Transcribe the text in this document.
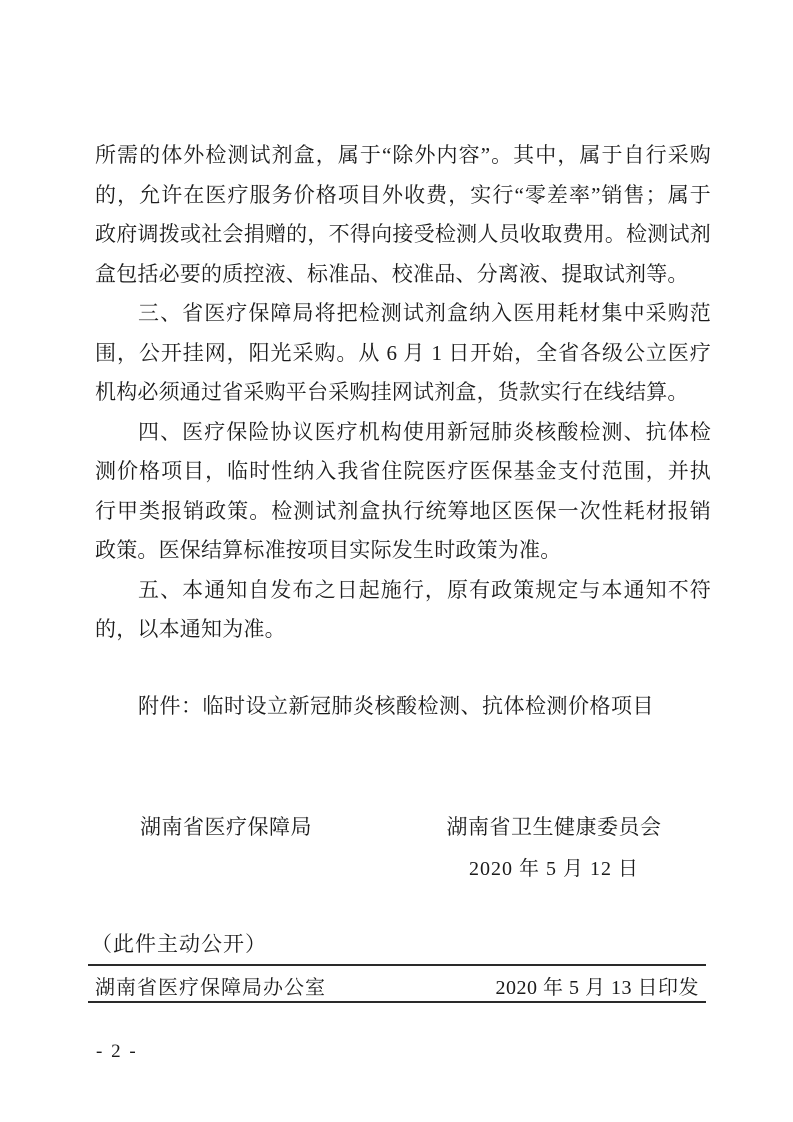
所需的体外检测试剂盒，属于“除外内容”。其中，属于自行采购
的，允许在医疗服务价格项目外收费，实行“零差率”销售；属于
政府调拨或社会捐赠的，不得向接受检测人员收取费用。检测试剂
盒包括必要的质控液、标准品、校准品、分离液、提取试剂等。
三、省医疗保障局将把检测试剂盒纳入医用耗材集中采购范
围，公开挂网，阳光采购。从 6 月 1 日开始，全省各级公立医疗
机构必须通过省采购平台采购挂网试剂盒，货款实行在线结算。
四、医疗保险协议医疗机构使用新冠肺炎核酸检测、抗体检
测价格项目，临时性纳入我省住院医疗医保基金支付范围，并执
行甲类报销政策。检测试剂盒执行统筹地区医保一次性耗材报销
政策。医保结算标准按项目实际发生时政策为准。
五、本通知自发布之日起施行，原有政策规定与本通知不符
的，以本通知为准。
附件：临时设立新冠肺炎核酸检测、抗体检测价格项目
湖南省医疗保障局	湖南省卫生健康委员会
2020 年 5 月 12 日
（此件主动公开）
湖南省医疗保障局办公室	2020 年 5 月 13 日印发
- 2 -
